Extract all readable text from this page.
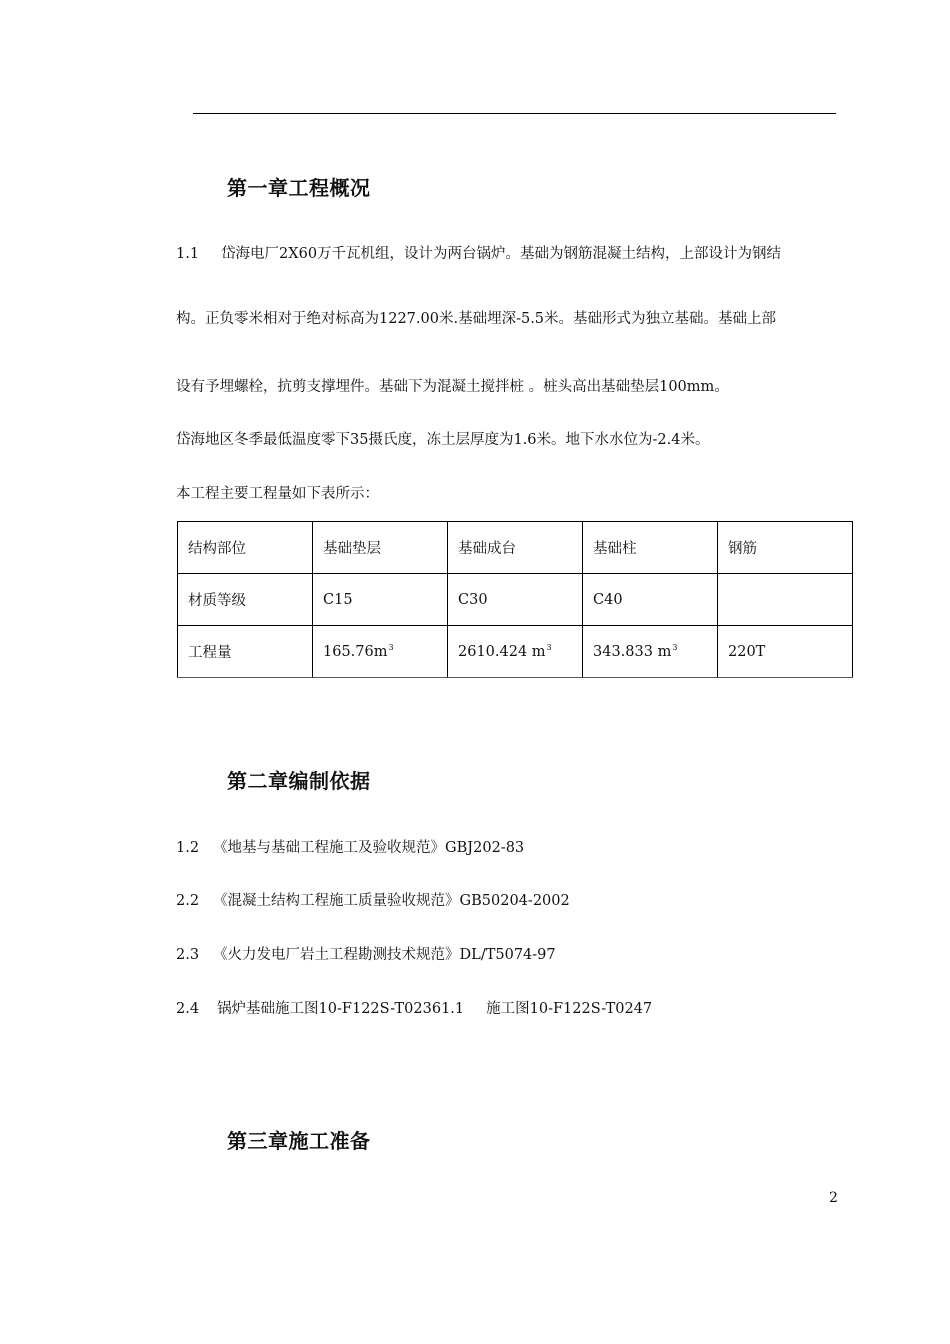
第一章工程概况
1.1 岱海电厂2X60万千瓦机组，设计为两台锅炉。基础为钢筋混凝土结构，上部设计为钢结
构。正负零米相对于绝对标高为1227.00米.基础埋深-5.5米。基础形式为独立基础。基础上部
设有予埋螺栓，抗剪支撑埋件。基础下为混凝土搅拌桩 。桩头高出基础垫层100mm。
岱海地区冬季最低温度零下35摄氏度，冻土层厚度为1.6米。地下水水位为-2.4米。
本工程主要工程量如下表所示：
结构部位	基础垫层	基础成台	基础柱	钢筋
材质等级	C15	C30	C40	
工程量	$165.76m^3$	2610.424 $m^3$	343.833 $m^3$	220T
第二章编制依据
1.2 《地基与基础工程施工及验收规范》GBJ202-83
2.2 《混凝土结构工程施工质量验收规范》GB50204-2002
2.3 《火力发电厂岩土工程勘测技术规范》DL/T5074-97
2.4 锅炉基础施工图10-F122S-T02361.1 施工图10-F122S-T0247
第三章施工准备
2
